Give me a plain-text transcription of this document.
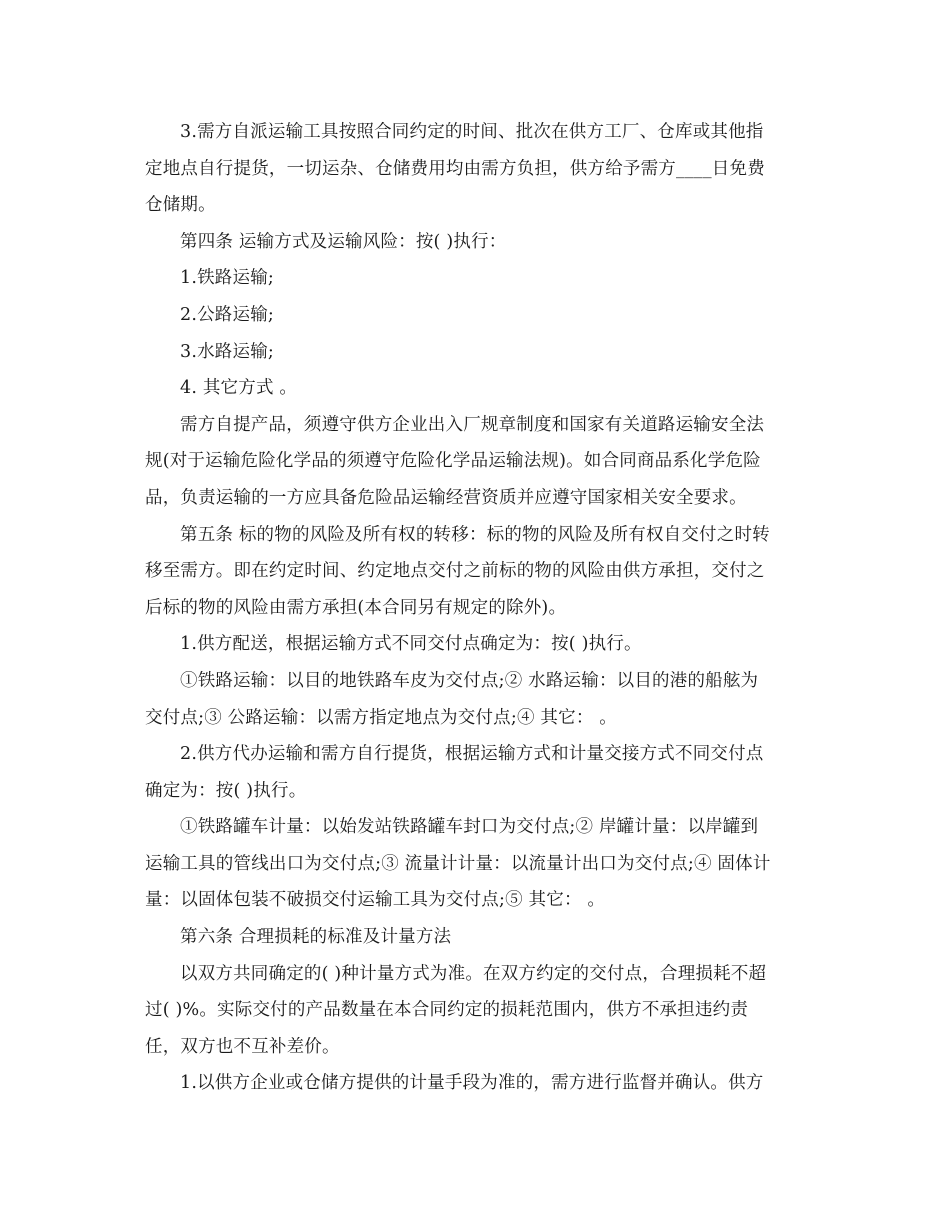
3.需方自派运输工具按照合同约定的时间、批次在供方工厂、仓库或其他指
定地点自行提货，一切运杂、仓储费用均由需方负担，供方给予需方____日免费
仓储期。

第四条 运输方式及运输风险：按( )执行：

1.铁路运输;

2.公路运输;

3.水路运输;

4. 其它方式 。

需方自提产品，须遵守供方企业出入厂规章制度和国家有关道路运输安全法
规(对于运输危险化学品的须遵守危险化学品运输法规)。如合同商品系化学危险
品，负责运输的一方应具备危险品运输经营资质并应遵守国家相关安全要求。

第五条 标的物的风险及所有权的转移：标的物的风险及所有权自交付之时转
移至需方。即在约定时间、约定地点交付之前标的物的风险由供方承担，交付之
后标的物的风险由需方承担(本合同另有规定的除外)。

1.供方配送，根据运输方式不同交付点确定为：按( )执行。

①铁路运输：以目的地铁路车皮为交付点;② 水路运输：以目的港的船舷为
交付点;③ 公路运输：以需方指定地点为交付点;④ 其它： 。

2.供方代办运输和需方自行提货，根据运输方式和计量交接方式不同交付点
确定为：按( )执行。

①铁路罐车计量：以始发站铁路罐车封口为交付点;② 岸罐计量：以岸罐到
运输工具的管线出口为交付点;③ 流量计计量：以流量计出口为交付点;④ 固体计
量：以固体包装不破损交付运输工具为交付点;⑤ 其它： 。

第六条 合理损耗的标准及计量方法

以双方共同确定的( )种计量方式为准。在双方约定的交付点，合理损耗不超
过( )%。实际交付的产品数量在本合同约定的损耗范围内，供方不承担违约责
任，双方也不互补差价。

1.以供方企业或仓储方提供的计量手段为准的，需方进行监督并确认。供方
